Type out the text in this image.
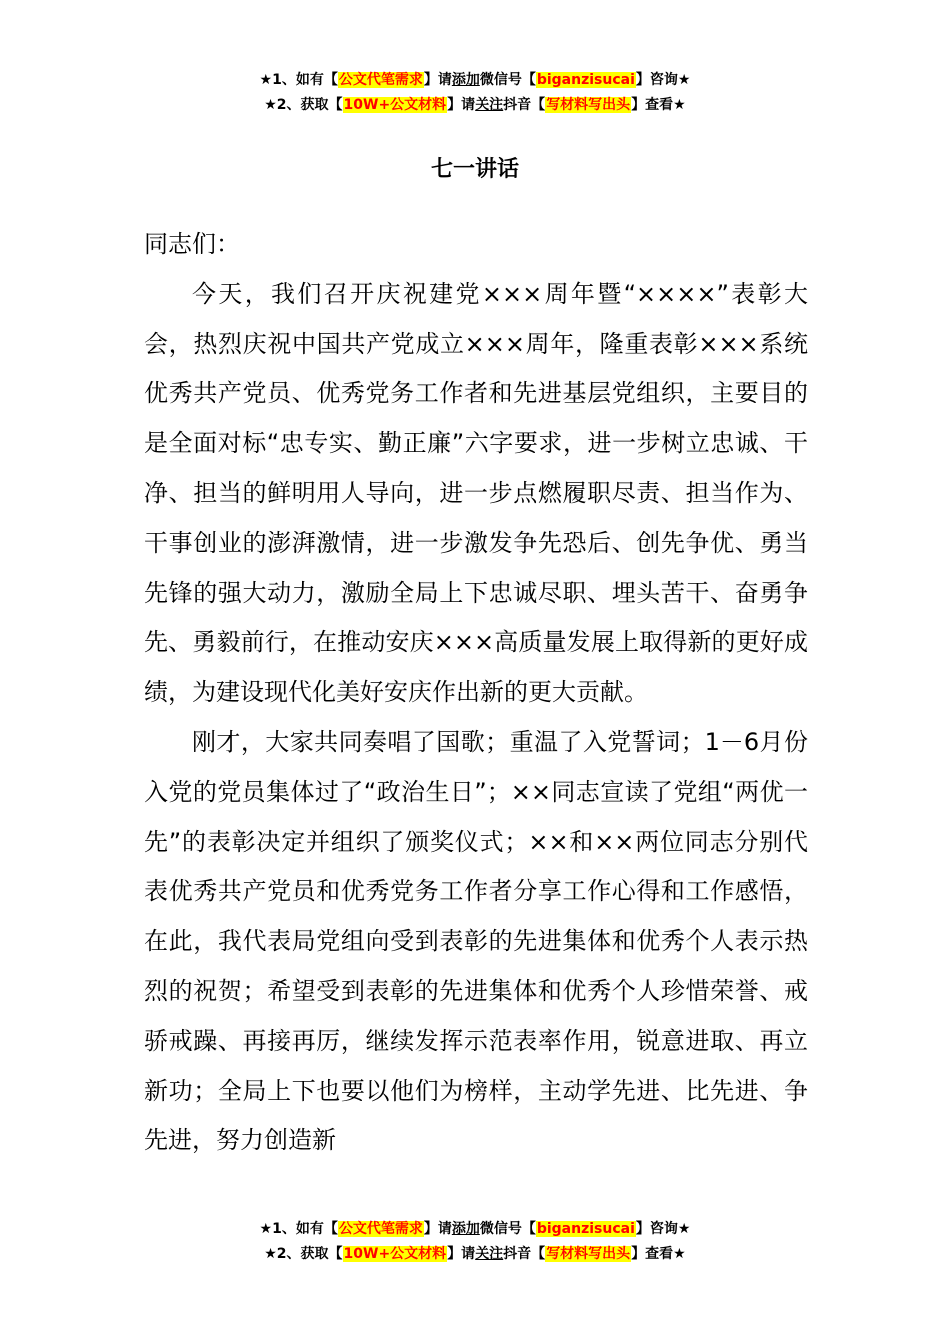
★1、如有【公文代笔需求】请添加微信号【biganzisucai】咨询★
★2、获取【10W+公文材料】请关注抖音【写材料写出头】查看★
七一讲话

同志们：

今天，我们召开庆祝建党×××周年暨“××××”表彰大会，热烈庆祝中国共产党成立×××周年，隆重表彰×××系统优秀共产党员、优秀党务工作者和先进基层党组织，主要目的是全面对标“忠专实、勤正廉”六字要求，进一步树立忠诚、干净、担当的鲜明用人导向，进一步点燃履职尽责、担当作为、干事创业的澎湃激情，进一步激发争先恐后、创先争优、勇当先锋的强大动力，激励全局上下忠诚尽职、埋头苦干、奋勇争先、勇毅前行，在推动安庆×××高质量发展上取得新的更好成绩，为建设现代化美好安庆作出新的更大贡献。

刚才，大家共同奏唱了国歌；重温了入党誓词；1－6月份入党的党员集体过了“政治生日”；××同志宣读了党组“两优一先”的表彰决定并组织了颁奖仪式；××和××两位同志分别代表优秀共产党员和优秀党务工作者分享工作心得和工作感悟，在此，我代表局党组向受到表彰的先进集体和优秀个人表示热烈的祝贺；希望受到表彰的先进集体和优秀个人珍惜荣誉、戒骄戒躁、再接再厉，继续发挥示范表率作用，锐意进取、再立新功；全局上下也要以他们为榜样，主动学先进、比先进、争先进，努力创造新

★1、如有【公文代笔需求】请添加微信号【biganzisucai】咨询★
★2、获取【10W+公文材料】请关注抖音【写材料写出头】查看★
